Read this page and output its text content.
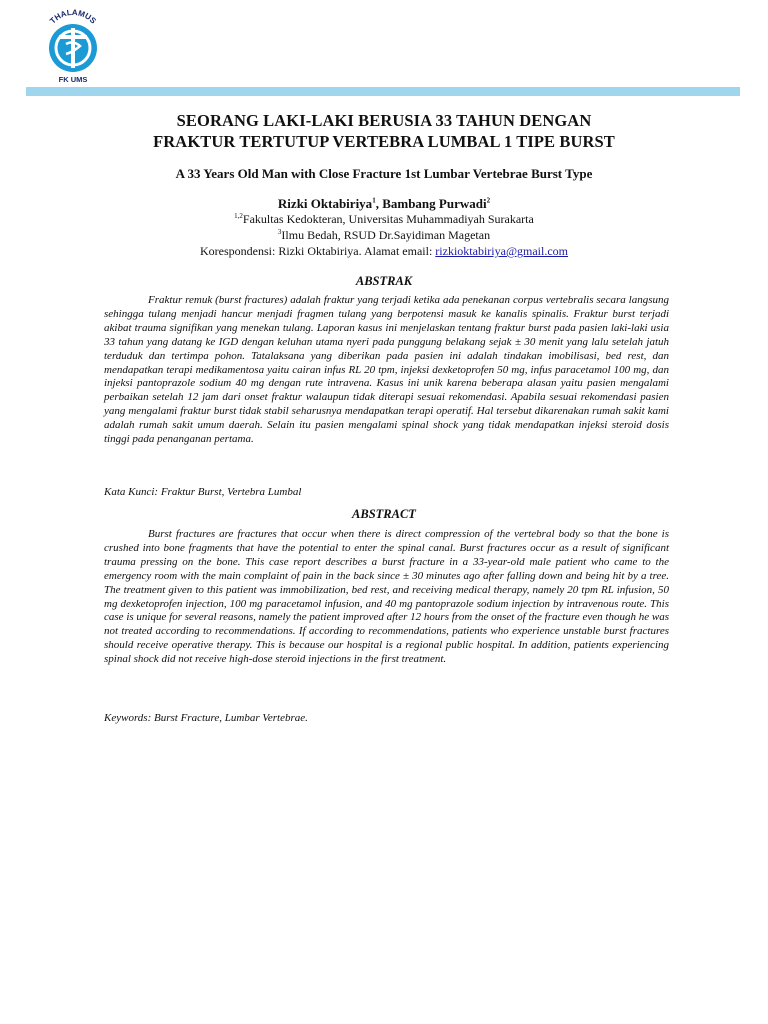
THALAMUS
FK UMS
SEORANG LAKI-LAKI BERUSIA 33 TAHUN DENGAN
FRAKTUR TERTUTUP VERTEBRA LUMBAL 1 TIPE BURST
A 33 Years Old Man with Close Fracture 1st Lumbar Vertebrae Burst Type
Rizki Oktabiriya$^1$, Bambang Purwadi$^2$
$^{1,2}$Fakultas Kedokteran, Universitas Muhammadiyah Surakarta
$^3$Ilmu Bedah, RSUD Dr.Sayidiman Magetan
Korespondensi: Rizki Oktabiriya. Alamat email: rizkioktabiriya@gmail.com
ABSTRAK
Fraktur remuk (burst fractures) adalah fraktur yang terjadi ketika ada penekanan corpus vertebralis secara langsung sehingga tulang menjadi hancur menjadi fragmen tulang yang berpotensi masuk ke kanalis spinalis. Fraktur burst terjadi akibat trauma signifikan yang menekan tulang. Laporan kasus ini menjelaskan tentang fraktur burst pada pasien laki-laki usia 33 tahun yang datang ke IGD dengan keluhan utama nyeri pada punggung belakang sejak ± 30 menit yang lalu setelah jatuh terduduk dan tertimpa pohon. Tatalaksana yang diberikan pada pasien ini adalah tindakan imobilisasi, bed rest, dan mendapatkan terapi medikamentosa yaitu cairan infus RL 20 tpm, injeksi dexketoprofen 50 mg, infus paracetamol 100 mg, dan injeksi pantoprazole sodium 40 mg dengan rute intravena. Kasus ini unik karena beberapa alasan yaitu pasien mengalami perbaikan setelah 12 jam dari onset fraktur walaupun tidak diterapi sesuai rekomendasi. Apabila sesuai rekomendasi pasien yang mengalami fraktur burst tidak stabil seharusnya mendapatkan terapi operatif. Hal tersebut dikarenakan rumah sakit kami adalah rumah sakit umum daerah. Selain itu pasien mengalami spinal shock yang tidak mendapatkan injeksi steroid dosis tinggi pada penanganan pertama.
Kata Kunci: Fraktur Burst, Vertebra Lumbal
ABSTRACT
Burst fractures are fractures that occur when there is direct compression of the vertebral body so that the bone is crushed into bone fragments that have the potential to enter the spinal canal. Burst fractures occur as a result of significant trauma pressing on the bone. This case report describes a burst fracture in a 33-year-old male patient who came to the emergency room with the main complaint of pain in the back since ± 30 minutes ago after falling down and being hit by a tree. The treatment given to this patient was immobilization, bed rest, and receiving medical therapy, namely 20 tpm RL infusion, 50 mg dexketoprofen injection, 100 mg paracetamol infusion, and 40 mg pantoprazole sodium injection by intravenous route. This case is unique for several reasons, namely the patient improved after 12 hours from the onset of the fracture even though he was not treated according to recommendations. If according to recommendations, patients who experience unstable burst fractures should receive operative therapy. This is because our hospital is a regional public hospital. In addition, patients experiencing spinal shock did not receive high-dose steroid injections in the first treatment.
Keywords: Burst Fracture, Lumbar Vertebrae.
